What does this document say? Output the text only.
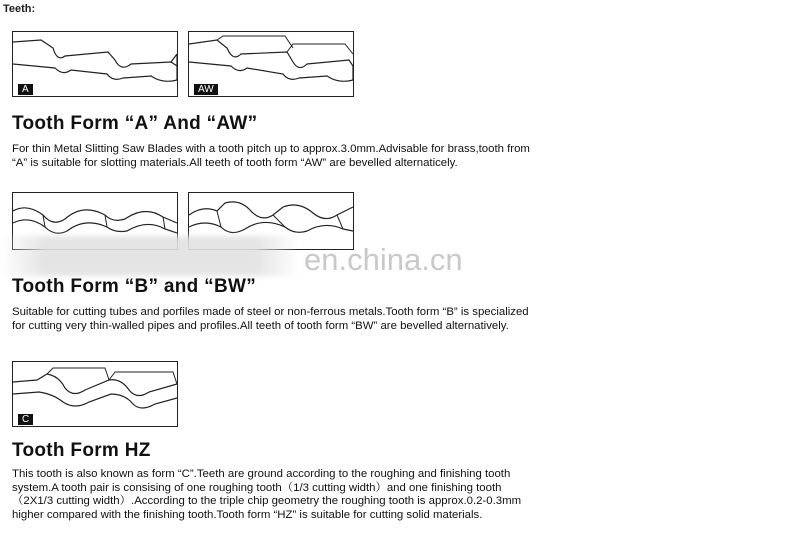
Teeth:
A	AW
Tooth Form “A” And “AW”
For thin Metal Slitting Saw Blades with a tooth pitch up to approx.3.0mm.Advisable for brass,tooth from
“A” is suitable for slotting materials.All teeth of tooth form “AW” are bevelled alternaticely.
en.china.cn
Tooth Form “B” and “BW”
Suitable for cutting tubes and porfiles made of steel or non-ferrous metals.Tooth form “B” is specialized
for cutting very thin-walled pipes and profiles.All teeth of tooth form “BW” are bevelled alternatively.
C
Tooth Form HZ
This tooth is also known as form “C”.Teeth are ground according to the roughing and finishing tooth
system.A tooth pair is consising of one roughing tooth（1/3 cutting width）and one finishing tooth
（2X1/3 cutting width）.According to the triple chip geometry the roughing tooth is approx.0.2-0.3mm
higher compared with the finishing tooth.Tooth form “HZ” is suitable for cutting solid materials.
